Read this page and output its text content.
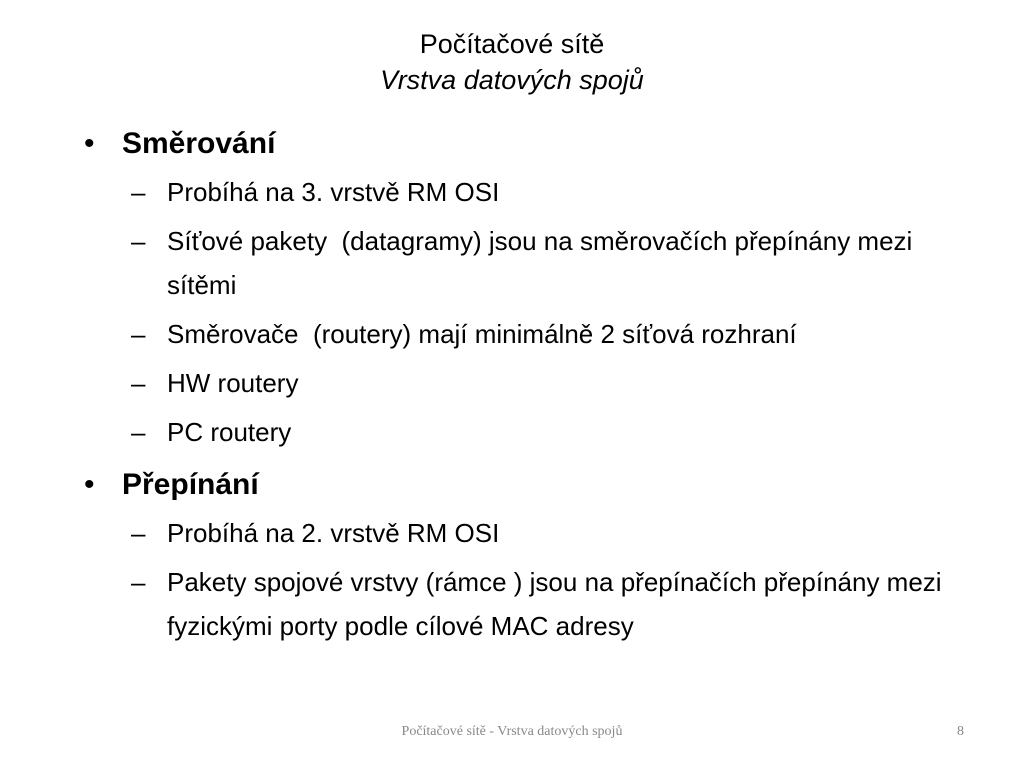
Počítačové sítě
Vrstva datových spojů
• Směrování
– Probíhá na 3. vrstvě RM OSI
– Síťové pakety  (datagramy) jsou na směrovačích přepínány mezi sítěmi
– Směrovače  (routery) mají minimálně 2 síťová rozhraní
– HW routery
– PC routery
• Přepínání
– Probíhá na 2. vrstvě RM OSI
– Pakety spojové vrstvy (rámce ) jsou na přepínačích přepínány mezi fyzickými porty podle cílové MAC adresy
Počítačové sítě - Vrstva datových spojů	8
